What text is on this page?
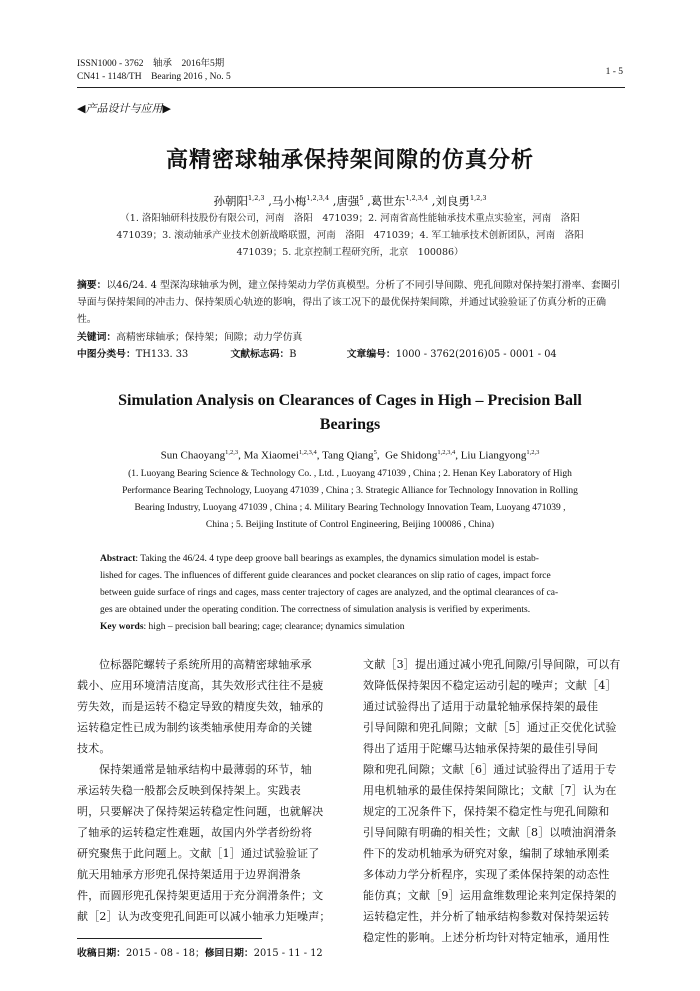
ISSN1000 - 3762 轴承 2016年5期
CN41 - 1148/TH Bearing 2016 , No. 5	1 - 5
◀产品设计与应用▶
高精密球轴承保持架间隙的仿真分析
孙朝阳$^{1,2,3}$ ,马小梅$^{1,2,3,4}$ ,唐强$^5$ ,葛世东$^{1,2,3,4}$ ,刘良勇$^{1,2,3}$
（1. 洛阳轴研科技股份有限公司，河南　洛阳　471039；2. 河南省高性能轴承技术重点实验室，河南　洛阳
471039；3. 滚动轴承产业技术创新战略联盟，河南　洛阳　471039；4. 军工轴承技术创新团队，河南　洛阳
471039；5. 北京控制工程研究所，北京　100086）
摘要：以46/24. 4 型深沟球轴承为例，建立保持架动力学仿真模型。分析了不同引导间隙、兜孔间隙对保持架打滑率、套圈引导面与保持架间的冲击力、保持架质心轨迹的影响，得出了该工况下的最优保持架间隙，并通过试验验证了仿真分析的正确性。
关键词：高精密球轴承；保持架；间隙；动力学仿真
中图分类号：TH133. 33	文献标志码：B	文章编号：1000 - 3762(2016)05 - 0001 - 04
Simulation Analysis on Clearances of Cages in High – Precision Ball
Bearings
Sun Chaoyang$^{1,2,3}$, Ma Xiaomei$^{1,2,3,4}$, Tang Qiang$^5$,  Ge Shidong$^{1,2,3,4}$, Liu Liangyong$^{1,2,3}$
(1. Luoyang Bearing Science & Technology Co. , Ltd. , Luoyang 471039 , China ; 2. Henan Key Laboratory of High
Performance Bearing Technology, Luoyang 471039 , China ; 3. Strategic Alliance for Technology Innovation in Rolling
Bearing Industry, Luoyang 471039 , China ; 4. Military Bearing Technology Innovation Team, Luoyang 471039 ,
China ; 5. Beijing Institute of Control Engineering, Beijing 100086 , China)
Abstract: Taking the 46/24. 4 type deep groove ball bearings as examples, the dynamics simulation model is estab-
lished for cages. The influences of different guide clearances and pocket clearances on slip ratio of cages, impact force
between guide surface of rings and cages, mass center trajectory of cages are analyzed, and the optimal clearances of ca-
ges are obtained under the operating condition. The correctness of simulation analysis is verified by experiments.
Key words: high – precision ball bearing; cage; clearance; dynamics simulation
位标器陀螺转子系统所用的高精密球轴承承
载小、应用环境清洁度高，其失效形式往往不是疲
劳失效，而是运转不稳定导致的精度失效，轴承的
运转稳定性已成为制约该类轴承使用寿命的关键
技术。
保持架通常是轴承结构中最薄弱的环节，轴
承运转失稳一般都会反映到保持架上。实践表
明，只要解决了保持架运转稳定性问题，也就解决
了轴承的运转稳定性难题，故国内外学者纷纷将
研究聚焦于此问题上。文献［1］通过试验验证了
航天用轴承方形兜孔保持架适用于边界润滑条
件，而圆形兜孔保持架更适用于充分润滑条件；文
献［2］认为改变兜孔间距可以减小轴承力矩噪声；
收稿日期：2015 - 08 - 18；修回日期：2015 - 11 - 12
文献［3］提出通过减小兜孔间隙/引导间隙，可以有
效降低保持架因不稳定运动引起的噪声；文献［4］
通过试验得出了适用于动量轮轴承保持架的最佳
引导间隙和兜孔间隙；文献［5］通过正交优化试验
得出了适用于陀螺马达轴承保持架的最佳引导间
隙和兜孔间隙；文献［6］通过试验得出了适用于专
用电机轴承的最佳保持架间隙比；文献［7］认为在
规定的工况条件下，保持架不稳定性与兜孔间隙和
引导间隙有明确的相关性；文献［8］以喷油润滑条
件下的发动机轴承为研究对象，编制了球轴承刚柔
多体动力学分析程序，实现了柔体保持架的动态性
能仿真；文献［9］运用盒维数理论来判定保持架的
运转稳定性，并分析了轴承结构参数对保持架运转
稳定性的影响。上述分析均针对特定轴承，通用性
